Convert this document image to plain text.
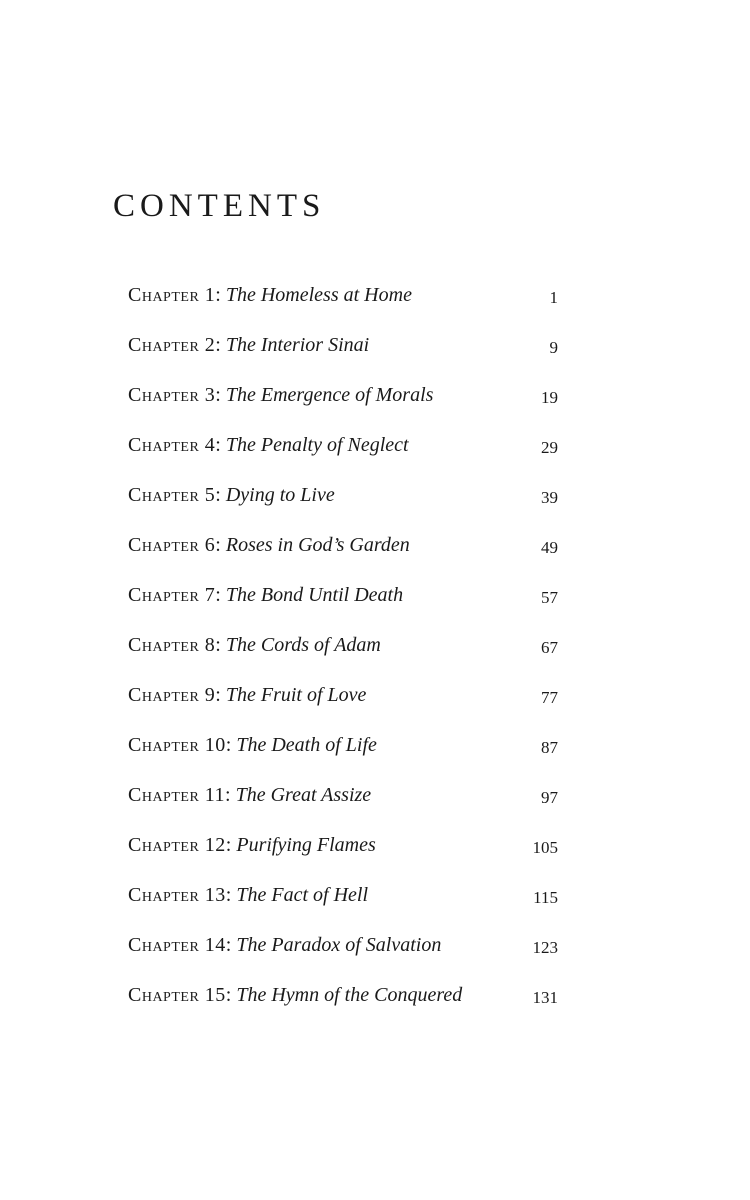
CONTENTS
Chapter 1: The Homeless at Home	1
Chapter 2: The Interior Sinai	9
Chapter 3: The Emergence of Morals	19
Chapter 4: The Penalty of Neglect	29
Chapter 5: Dying to Live	39
Chapter 6: Roses in God’s Garden	49
Chapter 7: The Bond Until Death	57
Chapter 8: The Cords of Adam	67
Chapter 9: The Fruit of Love	77
Chapter 10: The Death of Life	87
Chapter 11: The Great Assize	97
Chapter 12: Purifying Flames	105
Chapter 13: The Fact of Hell	115
Chapter 14: The Paradox of Salvation	123
Chapter 15: The Hymn of the Conquered	131
